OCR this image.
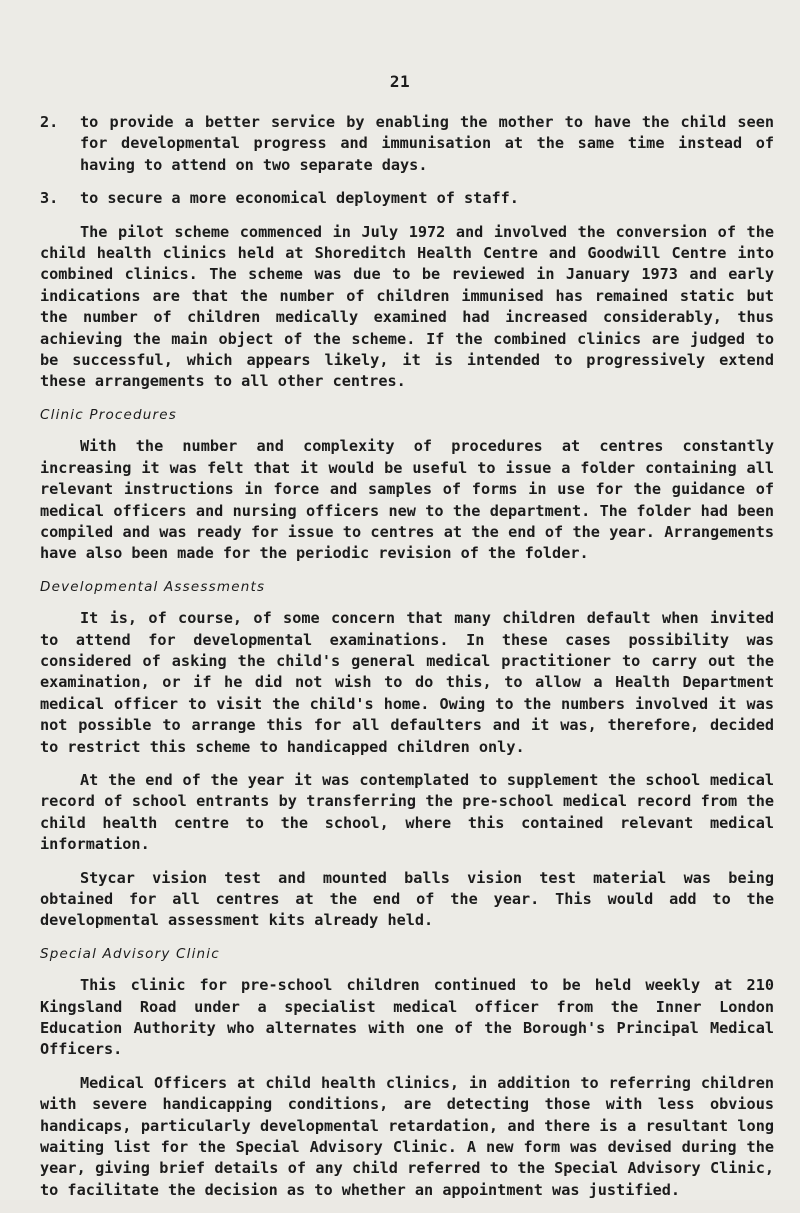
21
2. to provide a better service by enabling the mother to have the child seen for developmental progress and immunisation at the same time instead of having to attend on two separate days.
3. to secure a more economical deployment of staff.

The pilot scheme commenced in July 1972 and involved the conversion of the child health clinics held at Shoreditch Health Centre and Goodwill Centre into combined clinics. The scheme was due to be reviewed in January 1973 and early indications are that the number of children immunised has remained static but the number of children medically examined had increased considerably, thus achieving the main object of the scheme. If the combined clinics are judged to be successful, which appears likely, it is intended to progressively extend these arrangements to all other centres.

Clinic Procedures

With the number and complexity of procedures at centres constantly increasing it was felt that it would be useful to issue a folder containing all relevant instructions in force and samples of forms in use for the guidance of medical officers and nursing officers new to the department. The folder had been compiled and was ready for issue to centres at the end of the year. Arrangements have also been made for the periodic revision of the folder.

Developmental Assessments

It is, of course, of some concern that many children default when invited to attend for developmental examinations. In these cases possibility was considered of asking the child's general medical practitioner to carry out the examination, or if he did not wish to do this, to allow a Health Department medical officer to visit the child's home. Owing to the numbers involved it was not possible to arrange this for all defaulters and it was, therefore, decided to restrict this scheme to handicapped children only.

At the end of the year it was contemplated to supplement the school medical record of school entrants by transferring the pre-school medical record from the child health centre to the school, where this contained relevant medical information.

Stycar vision test and mounted balls vision test material was being obtained for all centres at the end of the year. This would add to the developmental assessment kits already held.

Special Advisory Clinic

This clinic for pre-school children continued to be held weekly at 210 Kingsland Road under a specialist medical officer from the Inner London Education Authority who alternates with one of the Borough's Principal Medical Officers.

Medical Officers at child health clinics, in addition to referring children with severe handicapping conditions, are detecting those with less obvious handicaps, particularly developmental retardation, and there is a resultant long waiting list for the Special Advisory Clinic. A new form was devised during the year, giving brief details of any child referred to the Special Advisory Clinic, to facilitate the decision as to whether an appointment was justified.
